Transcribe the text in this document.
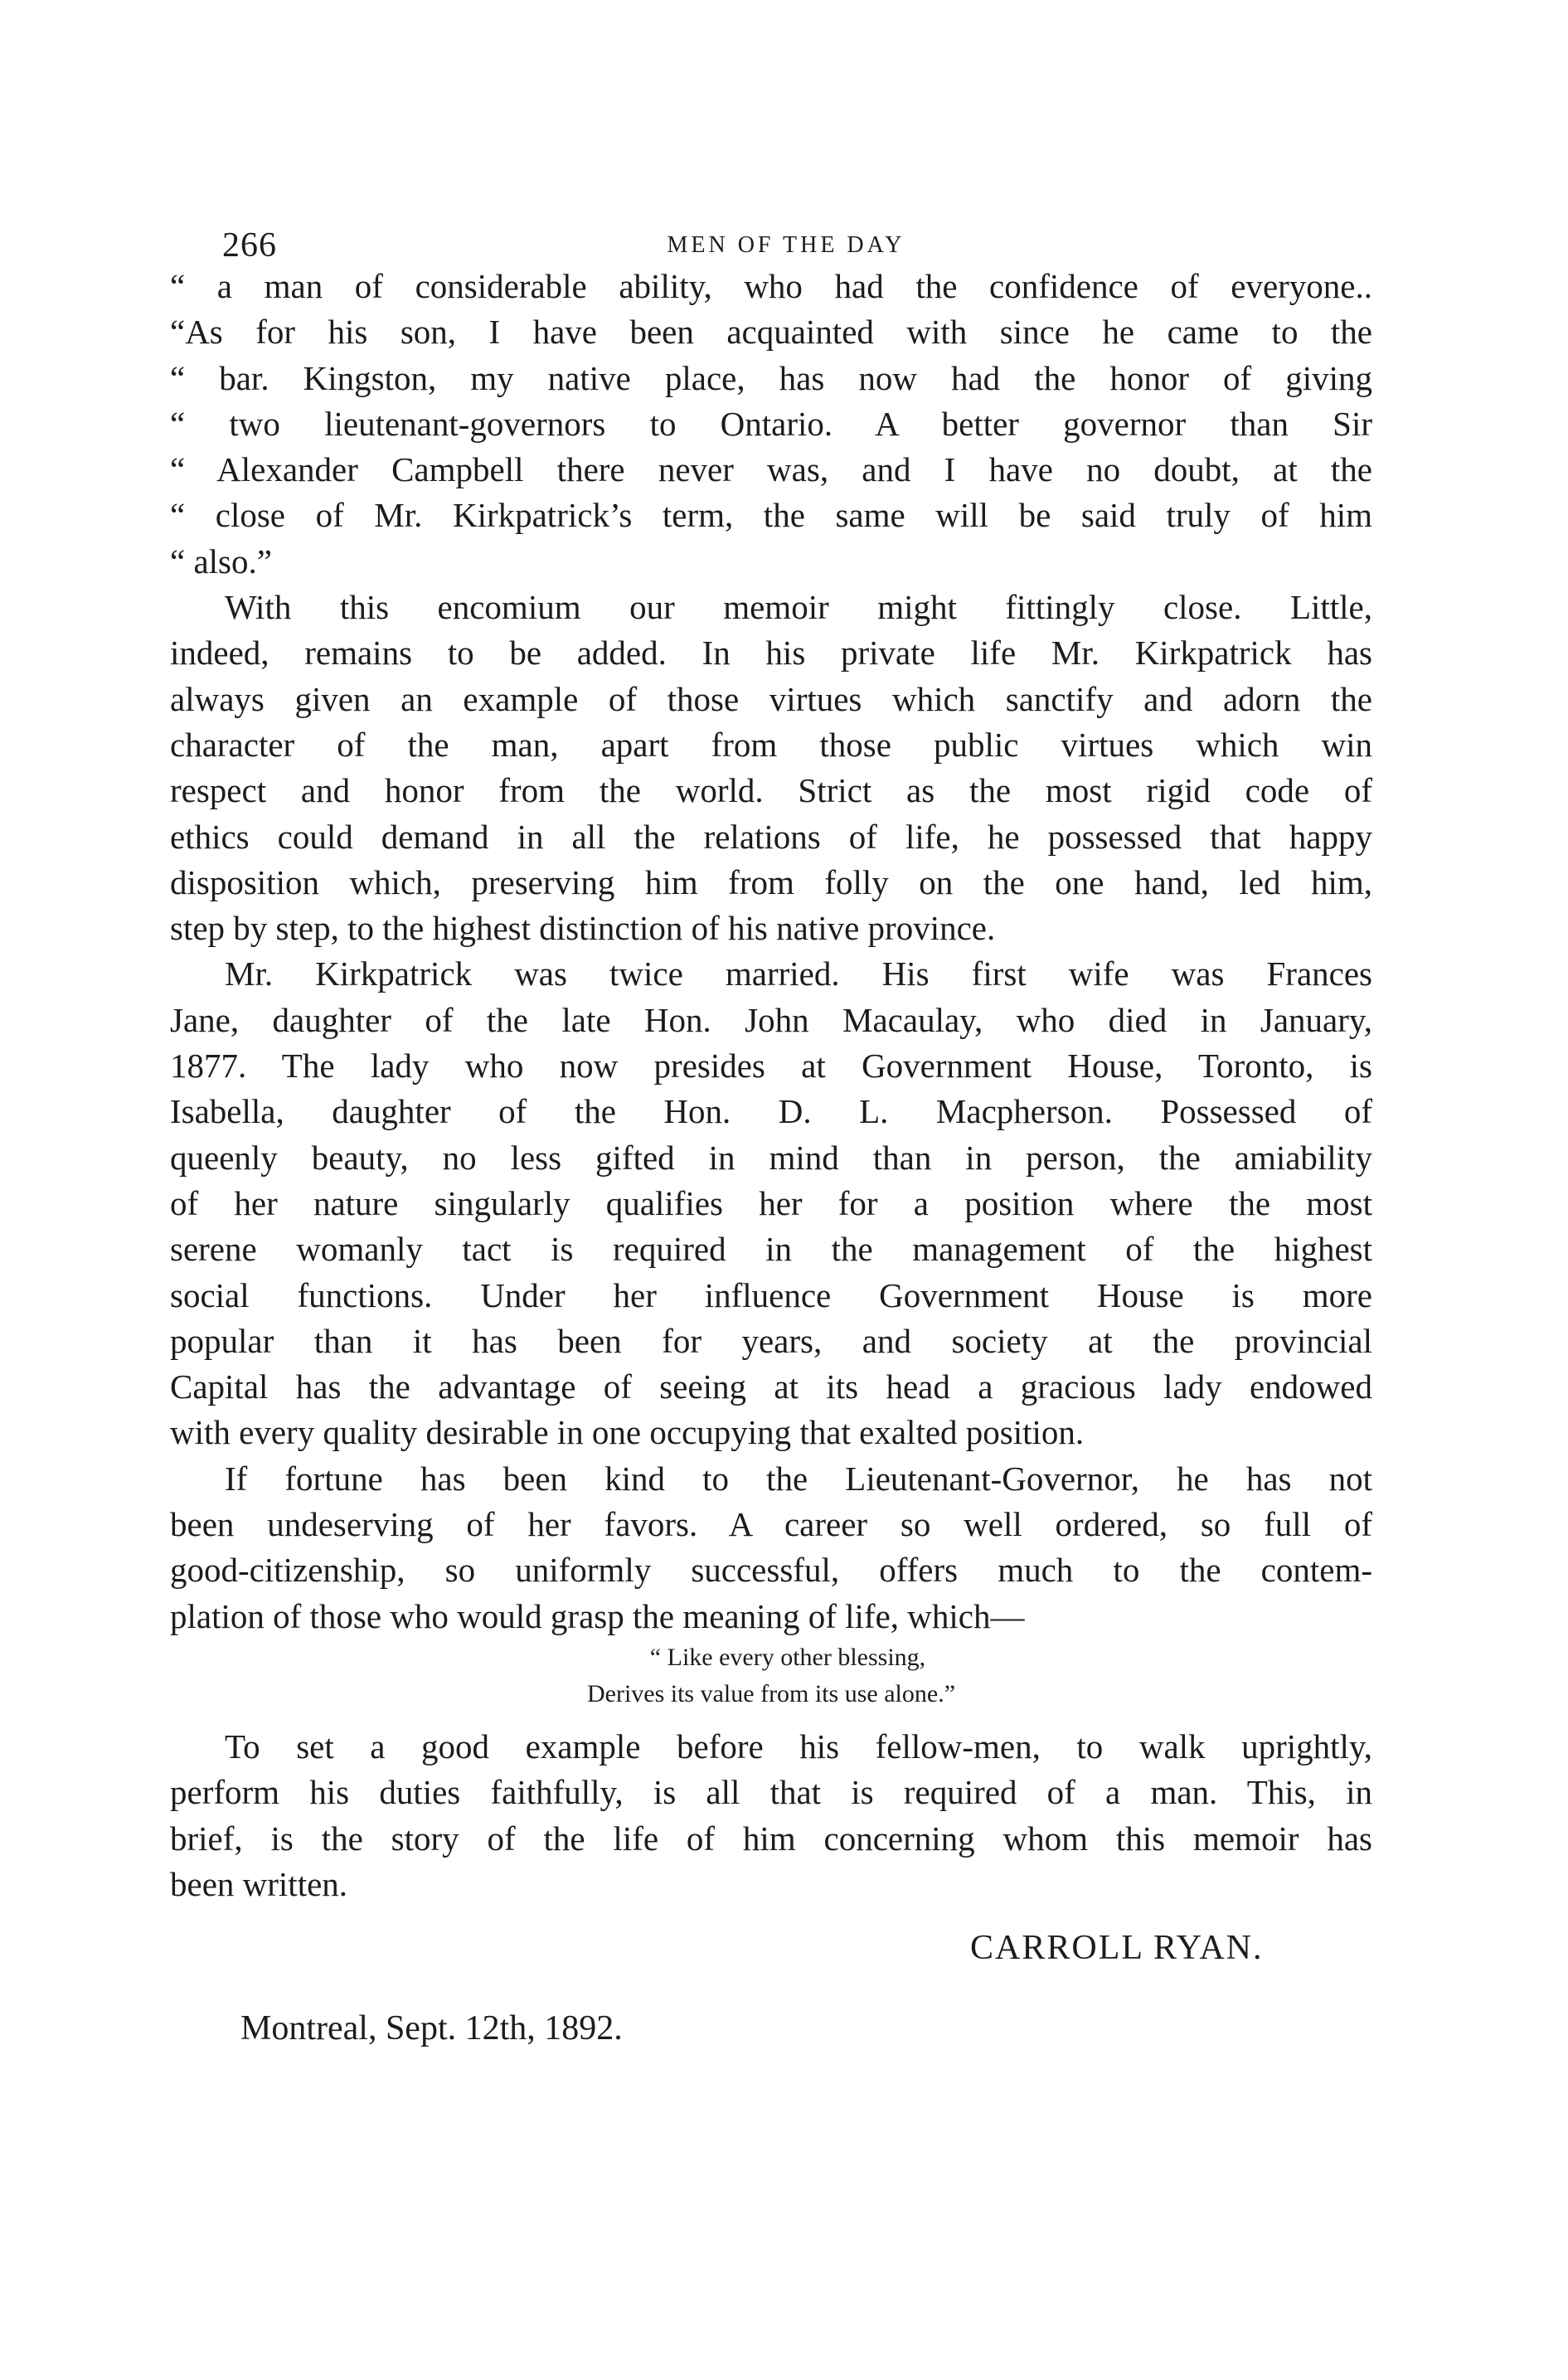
266	MEN OF THE DAY
“ a man of considerable ability, who had the confidence of everyone..
“As for his son, I have been acquainted with since he came to the
“ bar. Kingston, my native place, has now had the honor of giving
“ two lieutenant-governors to Ontario. A better governor than Sir
“ Alexander Campbell there never was, and I have no doubt, at the
“ close of Mr. Kirkpatrick’s term, the same will be said truly of him
“ also.”
With this encomium our memoir might fittingly close. Little,
indeed, remains to be added. In his private life Mr. Kirkpatrick has
always given an example of those virtues which sanctify and adorn the
character of the man, apart from those public virtues which win
respect and honor from the world. Strict as the most rigid code of
ethics could demand in all the relations of life, he possessed that happy
disposition which, preserving him from folly on the one hand, led him,
step by step, to the highest distinction of his native province.
Mr. Kirkpatrick was twice married. His first wife was Frances
Jane, daughter of the late Hon. John Macaulay, who died in January,
1877. The lady who now presides at Government House, Toronto, is
Isabella, daughter of the Hon. D. L. Macpherson. Possessed of
queenly beauty, no less gifted in mind than in person, the amiability
of her nature singularly qualifies her for a position where the most
serene womanly tact is required in the management of the highest
social functions. Under her influence Government House is more
popular than it has been for years, and society at the provincial
Capital has the advantage of seeing at its head a gracious lady endowed
with every quality desirable in one occupying that exalted position.
If fortune has been kind to the Lieutenant-Governor, he has not
been undeserving of her favors. A career so well ordered, so full of
good-citizenship, so uniformly successful, offers much to the contem-
plation of those who would grasp the meaning of life, which—
“ Like every other blessing,
Derives its value from its use alone.”
To set a good example before his fellow-men, to walk uprightly,
perform his duties faithfully, is all that is required of a man. This, in
brief, is the story of the life of him concerning whom this memoir has
been written.
CARROLL RYAN.
Montreal, Sept. 12th, 1892.
